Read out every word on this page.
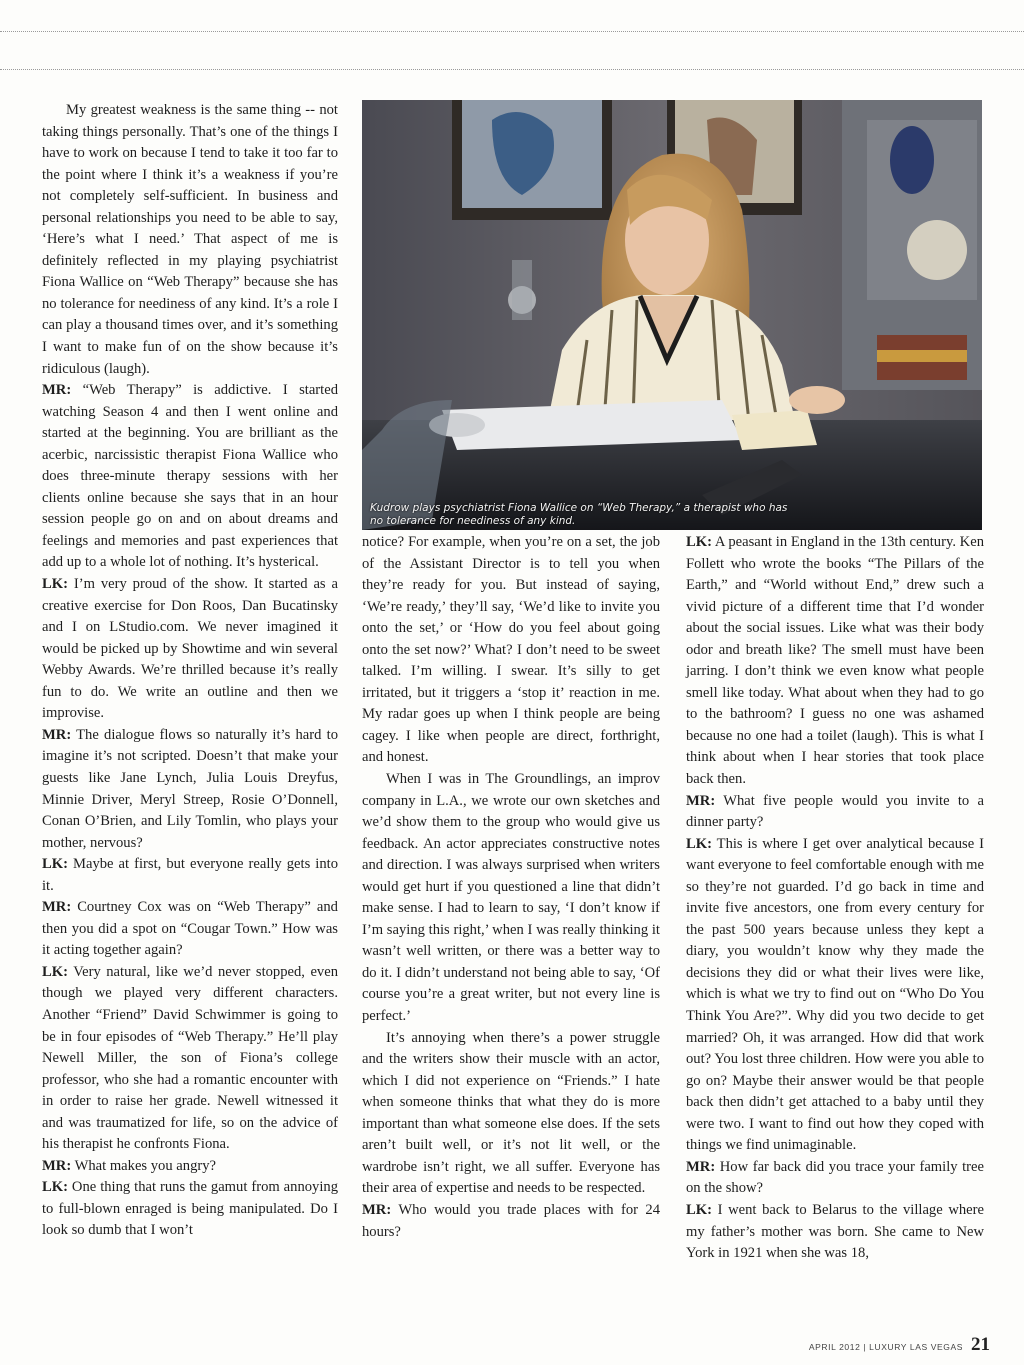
My greatest weakness is the same thing -- not taking things personally. That’s one of the things I have to work on because I tend to take it too far to the point where I think it’s a weakness if you’re not completely self-sufficient. In business and personal relationships you need to be able to say, ‘Here’s what I need.’ That aspect of me is definitely reflected in my playing psychiatrist Fiona Wallice on “Web Therapy” because she has no tolerance for neediness of any kind. It’s a role I can play a thousand times over, and it’s something I want to make fun of on the show because it’s ridiculous (laugh).

MR: “Web Therapy” is addictive. I started watching Season 4 and then I went online and started at the beginning. You are brilliant as the acerbic, narcissistic therapist Fiona Wallice who does three-minute therapy sessions with her clients online because she says that in an hour session people go on and on about dreams and feelings and memories and past experiences that add up to a whole lot of nothing. It’s hysterical.

LK: I’m very proud of the show. It started as a creative exercise for Don Roos, Dan Bucatinsky and I on LStudio.com. We never imagined it would be picked up by Showtime and win several Webby Awards. We’re thrilled because it’s really fun to do. We write an outline and then we improvise.

MR: The dialogue flows so naturally it’s hard to imagine it’s not scripted. Doesn’t that make your guests like Jane Lynch, Julia Louis Dreyfus, Minnie Driver, Meryl Streep, Rosie O’Donnell, Conan O’Brien, and Lily Tomlin, who plays your mother, nervous?

LK: Maybe at first, but everyone really gets into it.

MR: Courtney Cox was on “Web Therapy” and then you did a spot on “Cougar Town.” How was it acting together again?

LK: Very natural, like we’d never stopped, even though we played very different characters. Another “Friend” David Schwimmer is going to be in four episodes of “Web Therapy.” He’ll play Newell Miller, the son of Fiona’s college professor, who she had a romantic encounter with in order to raise her grade. Newell witnessed it and was traumatized for life, so on the advice of his therapist he confronts Fiona.

MR: What makes you angry?

LK: One thing that runs the gamut from annoying to full-blown enraged is being manipulated. Do I look so dumb that I won’t

Kudrow plays psychiatrist Fiona Wallice on “Web Therapy,” a therapist who has no tolerance for neediness of any kind.

notice? For example, when you’re on a set, the job of the Assistant Director is to tell you when they’re ready for you. But instead of saying, ‘We’re ready,’ they’ll say, ‘We’d like to invite you onto the set,’ or ‘How do you feel about going onto the set now?’ What? I don’t need to be sweet talked. I’m willing. I swear. It’s silly to get irritated, but it triggers a ‘stop it’ reaction in me. My radar goes up when I think people are being cagey. I like when people are direct, forthright, and honest.

When I was in The Groundlings, an improv company in L.A., we wrote our own sketches and we’d show them to the group who would give us feedback. An actor appreciates constructive notes and direction. I was always surprised when writers would get hurt if you questioned a line that didn’t make sense. I had to learn to say, ‘I don’t know if I’m saying this right,’ when I was really thinking it wasn’t well written, or there was a better way to do it. I didn’t understand not being able to say, ‘Of course you’re a great writer, but not every line is perfect.’

It’s annoying when there’s a power struggle and the writers show their muscle with an actor, which I did not experience on “Friends.” I hate when someone thinks that what they do is more important than what someone else does. If the sets aren’t built well, or it’s not lit well, or the wardrobe isn’t right, we all suffer. Everyone has their area of expertise and needs to be respected.

MR: Who would you trade places with for 24 hours?

LK: A peasant in England in the 13th century. Ken Follett who wrote the books “The Pillars of the Earth,” and “World without End,” drew such a vivid picture of a different time that I’d wonder about the social issues. Like what was their body odor and breath like? The smell must have been jarring. I don’t think we even know what people smell like today. What about when they had to go to the bathroom? I guess no one was ashamed because no one had a toilet (laugh). This is what I think about when I hear stories that took place back then.

MR: What five people would you invite to a dinner party?

LK: This is where I get over analytical because I want everyone to feel comfortable enough with me so they’re not guarded. I’d go back in time and invite five ancestors, one from every century for the past 500 years because unless they kept a diary, you wouldn’t know why they made the decisions they did or what their lives were like, which is what we try to find out on “Who Do You Think You Are?”. Why did you two decide to get married? Oh, it was arranged. How did that work out? You lost three children. How were you able to go on? Maybe their answer would be that people back then didn’t get attached to a baby until they were two. I want to find out how they coped with things we find unimaginable.

MR: How far back did you trace your family tree on the show?

LK: I went back to Belarus to the village where my father’s mother was born. She came to New York in 1921 when she was 18,

APRIL 2012 | LUXURY LAS VEGAS 21
